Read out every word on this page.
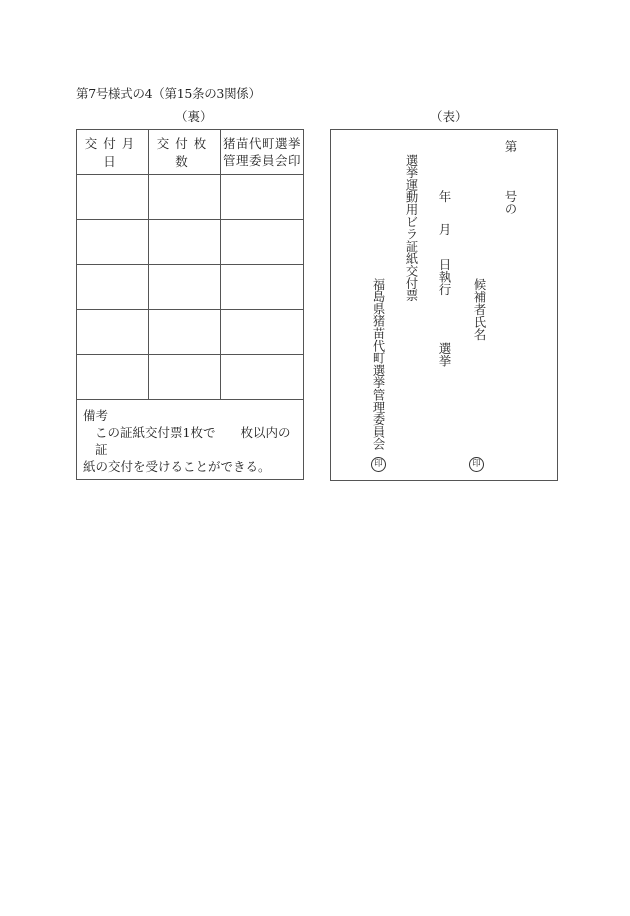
第7号様式の4（第15条の3関係）
（裏）	（表）
交付月日	交付枚数	猪苗代町選挙
管理委員会印

備考
この証紙交付票1枚で　　枚以内の証
紙の交付を受けることができる。		
第
号の
候補者氏名
印
年
月
日執行
選挙
選挙運動用ビラ証紙交付票
福島県猪苗代町選挙管理委員会
印
